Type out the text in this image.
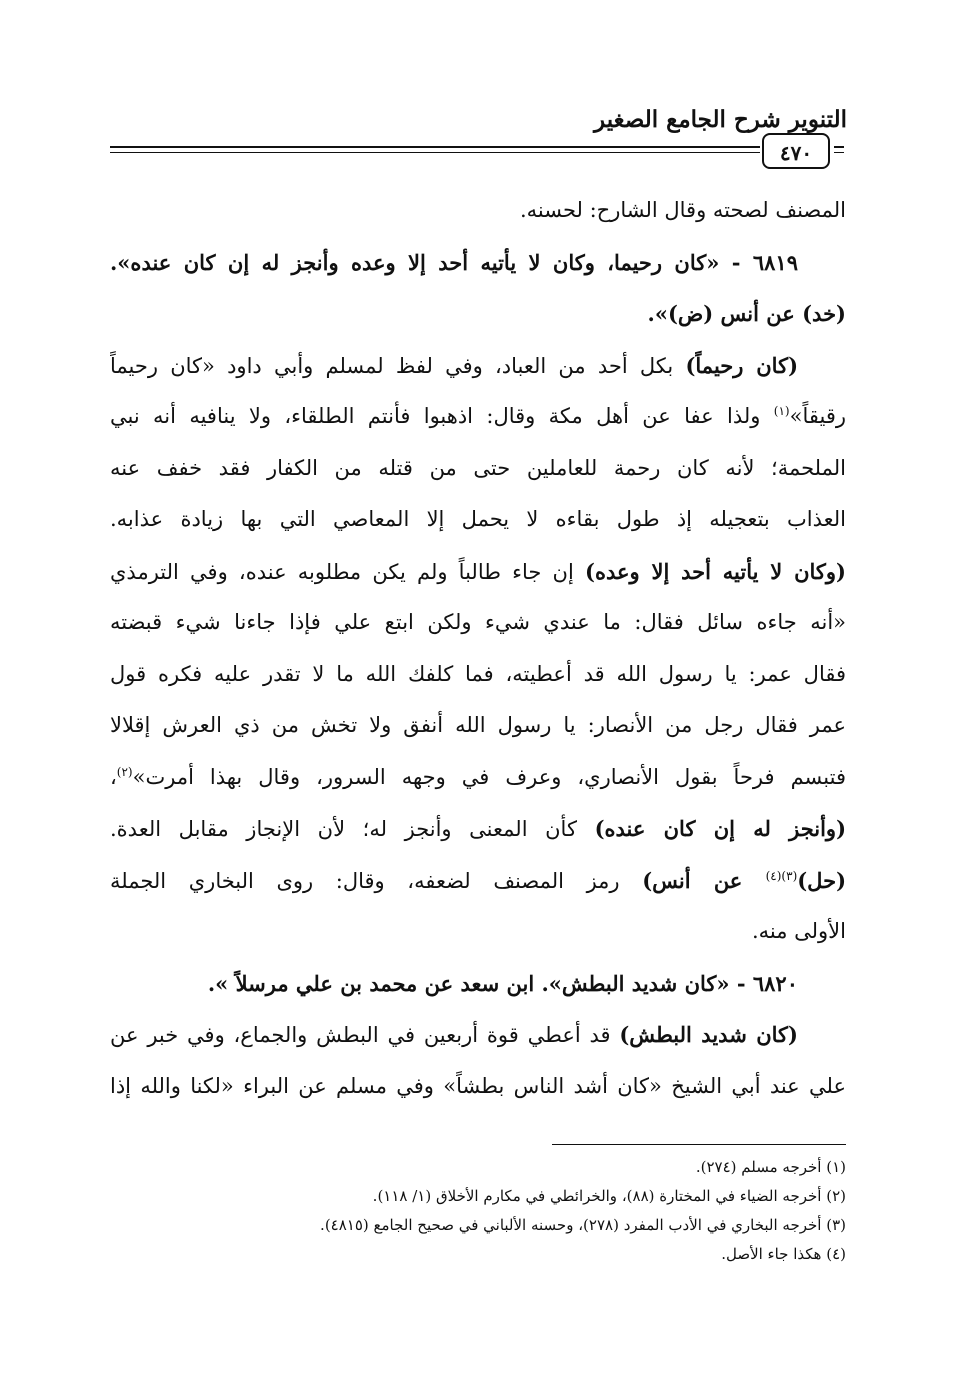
التنوير شرح الجامع الصغير
٤٧٠
المصنف لصحته وقال الشارح: لحسنه.
٦٨١٩ - «كان رحيما، وكان لا يأتيه أحد إلا وعده وأنجز له إن كان عنده».
(خد) عن أنس (ض)».
(كان رحيماً) بكل أحد من العباد، وفي لفظ لمسلم وأبي داود «كان رحيماً
رقيقاً»$^{(١)}$ ولذا عفا عن أهل مكة وقال: اذهبوا فأنتم الطلقاء، ولا ينافيه أنه نبي
الملحمة؛ لأنه كان رحمة للعاملين حتى من قتله من الكفار فقد خفف عنه
العذاب بتعجيله إذ طول بقاءه لا يحمل إلا المعاصي التي بها زيادة عذابه.
(وكان لا يأتيه أحد إلا وعده) إن جاء طالباً ولم يكن مطلوبه عنده، وفي الترمذي
«أنه جاءه سائل فقال: ما عندي شيء ولكن ابتع علي فإذا جاءنا شيء قبضته
فقال عمر: يا رسول الله قد أعطيته، فما كلفك الله ما لا تقدر عليه فكره قول
عمر فقال رجل من الأنصار: يا رسول الله أنفق ولا تخش من ذي العرش إقلالا
فتبسم فرحاً بقول الأنصاري، وعرف في وجهه السرور، وقال بهذا أمرت»$^{(٢)}$،
(وأنجز له إن كان عنده) كأن المعنى وأنجز له؛ لأن الإنجاز مقابل العدة.
(حل)$^{(٣)(٤)}$ عن أنس) رمز المصنف لضعفه، وقال: روى البخاري الجملة
الأولى منه.
٦٨٢٠ - «كان شديد البطش». ابن سعد عن محمد بن علي مرسلاً ».
(كان شديد البطش) قد أعطي قوة أربعين في البطش والجماع، وفي خبر عن
علي عند أبي الشيخ «كان أشد الناس بطشاً» وفي مسلم عن البراء «لكنا والله إذا
(١) أخرجه مسلم (٢٧٤).
(٢) أخرجه الضياء في المختارة (٨٨)، والخرائطي في مكارم الأخلاق (١/ ١١٨).
(٣) أخرجه البخاري في الأدب المفرد (٢٧٨)، وحسنه الألباني في صحيح الجامع (٤٨١٥).
(٤) هكذا جاء الأصل.
